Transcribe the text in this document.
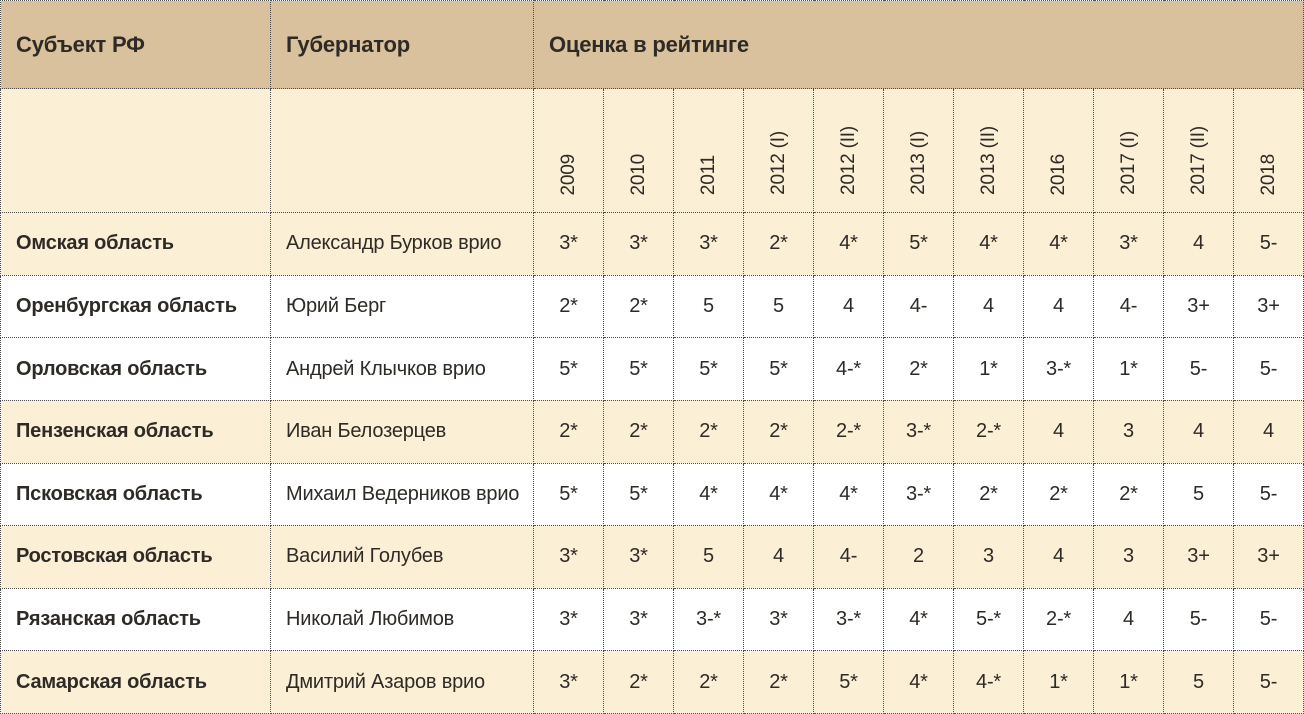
Субъект РФ	Губернатор	Оценка в рейтинге										
		2009	2010	2011	2012 (I)	2012 (II)	2013 (I)	2013 (II)	2016	2017 (I)	2017 (II)	2018
Омская область	Александр Бурков врио	3*	3*	3*	2*	4*	5*	4*	4*	3*	4	5-
Оренбургская область	Юрий Берг	2*	2*	5	5	4	4-	4	4	4-	3+	3+
Орловская область	Андрей Клычков врио	5*	5*	5*	5*	4-*	2*	1*	3-*	1*	5-	5-
Пензенская область	Иван Белозерцев	2*	2*	2*	2*	2-*	3-*	2-*	4	3	4	4
Псковская область	Михаил Ведерников врио	5*	5*	4*	4*	4*	3-*	2*	2*	2*	5	5-
Ростовская область	Василий Голубев	3*	3*	5	4	4-	2	3	4	3	3+	3+
Рязанская область	Николай Любимов	3*	3*	3-*	3*	3-*	4*	5-*	2-*	4	5-	5-
Самарская область	Дмитрий Азаров врио	3*	2*	2*	2*	5*	4*	4-*	1*	1*	5	5-
